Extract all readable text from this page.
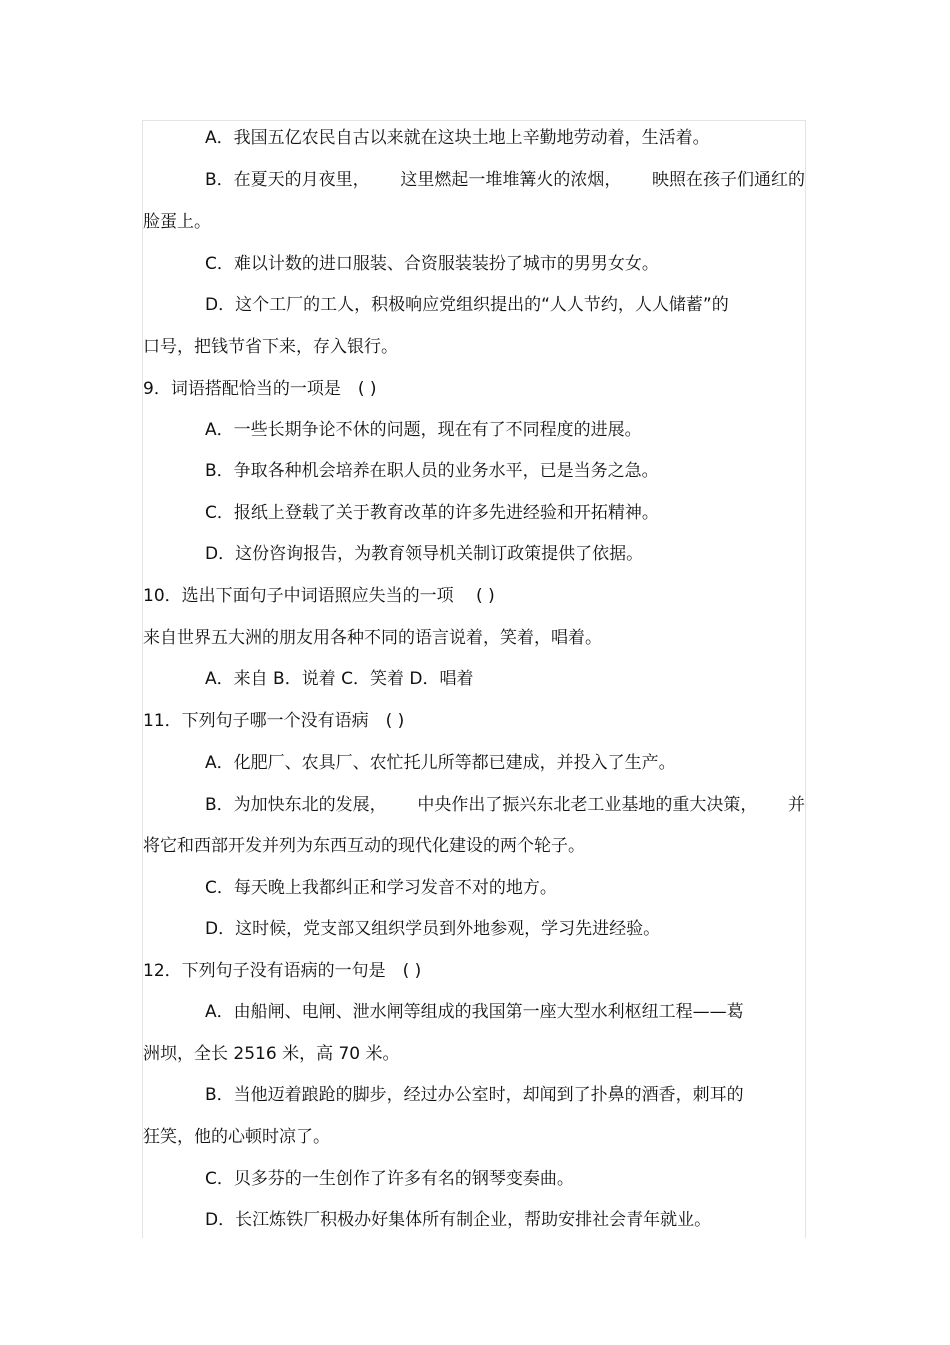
A．我国五亿农民自古以来就在这块土地上辛勤地劳动着，生活着。
B．在夏天的月夜里， 这里燃起一堆堆篝火的浓烟， 映照在孩子们通红的
脸蛋上。
C．难以计数的进口服装、合资服装装扮了城市的男男女女。
D．这个工厂的工人，积极响应党组织提出的“人人节约，人人储蓄”的
口号，把钱节省下来，存入银行。
9．词语搭配恰当的一项是　( )
A．一些长期争论不休的问题，现在有了不同程度的进展。
B．争取各种机会培养在职人员的业务水平，已是当务之急。
C．报纸上登载了关于教育改革的许多先进经验和开拓精神。
D．这份咨询报告，为教育领导机关制订政策提供了依据。
10．选出下面句子中词语照应失当的一项　 ( )
来自世界五大洲的朋友用各种不同的语言说着，笑着，唱着。
A．来自 B．说着 C．笑着 D．唱着
11．下列句子哪一个没有语病　( )
A．化肥厂、农具厂、农忙托儿所等都已建成，并投入了生产。
B．为加快东北的发展， 中央作出了振兴东北老工业基地的重大决策， 并
将它和西部开发并列为东西互动的现代化建设的两个轮子。
C．每天晚上我都纠正和学习发音不对的地方。
D．这时候，党支部又组织学员到外地参观，学习先进经验。
12．下列句子没有语病的一句是　( )
A．由船闸、电闸、泄水闸等组成的我国第一座大型水利枢纽工程——葛
洲坝，全长 2516 米，高 70 米。
B．当他迈着踉跄的脚步，经过办公室时，却闻到了扑鼻的酒香，刺耳的
狂笑，他的心顿时凉了。
C．贝多芬的一生创作了许多有名的钢琴变奏曲。
D．长江炼铁厂积极办好集体所有制企业，帮助安排社会青年就业。
